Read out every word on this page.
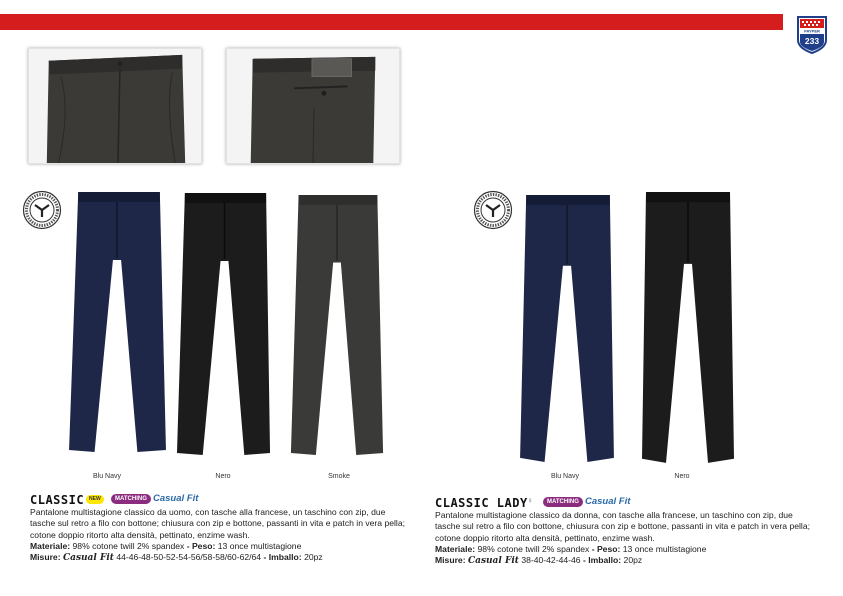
PAYPER
233
Blu Navy	Nero	Smoke	Blu Navy	Nero
CLASSIC NEW	MATCHING Casual Fit
Pantalone multistagione classico da uomo, con tasche alla francese, un taschino con zip, due tasche sul retro a filo con bottone; chiusura con zip e bottone, passanti in vita e patch in vera pella; cotone doppio ritorto alta densità, pettinato, enzime wash.
Materiale: 98% cotone twill 2% spandex - Peso: 13 once multistagione
Misure: Casual Fit 44-46-48-50-52-54-56/58-58/60-62/64 - Imballo: 20pz
CLASSIC LADY ♀	MATCHING Casual Fit
Pantalone multistagione classico da donna, con tasche alla francese, un taschino con zip, due tasche sul retro a filo con bottone, chiusura con zip e bottone, passanti in vita e patch in vera pella; cotone doppio ritorto alta densità, pettinato, enzime wash.
Materiale: 98% cotone twill 2% spandex - Peso: 13 once multistagione
Misure: Casual Fit 38-40-42-44-46 - Imballo: 20pz
